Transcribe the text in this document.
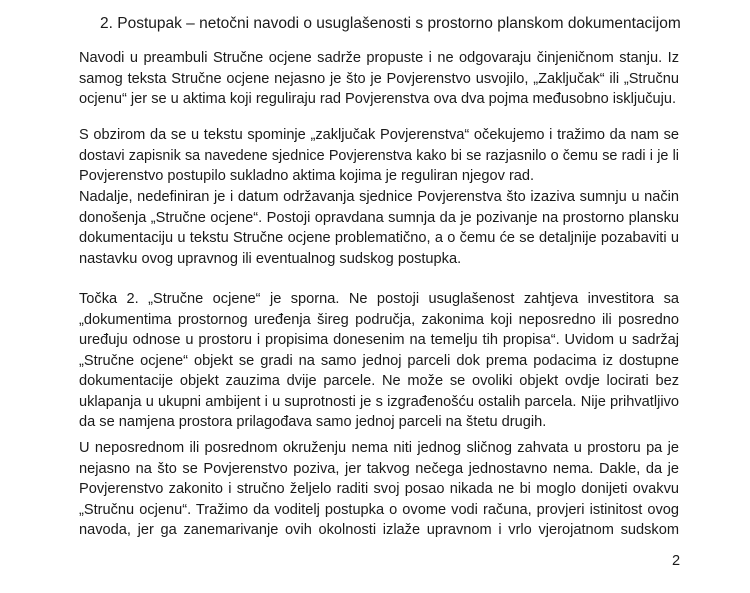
2. Postupak – netočni navodi o usuglašenosti s prostorno planskom dokumentacijom
Navodi u preambuli Stručne ocjene sadrže propuste i ne odgovaraju činjeničnom stanju. Iz
samog teksta Stručne ocjene nejasno je što je Povjerenstvo usvojilo, „Zaključak“ ili „Stručnu
ocjenu“ jer se u aktima koji reguliraju rad Povjerenstva ova dva pojma međusobno isključuju.
S obzirom da se u tekstu spominje „zaključak Povjerenstva“ očekujemo i tražimo da nam se
dostavi zapisnik sa navedene sjednice Povjerenstva kako bi se razjasnilo o čemu se radi i je li
Povjerenstvo postupilo sukladno aktima kojima je reguliran njegov rad.
Nadalje, nedefiniran je i datum održavanja sjednice Povjerenstva što izaziva sumnju u način
donošenja „Stručne ocjene“. Postoji opravdana sumnja da je pozivanje na prostorno plansku
dokumentaciju u tekstu Stručne ocjene problematično, a o čemu će se detaljnije pozabaviti u
nastavku ovog upravnog ili eventualnog sudskog postupka.
Točka 2. „Stručne ocjene“ je sporna. Ne postoji usuglašenost zahtjeva investitora sa
„dokumentima prostornog uređenja šireg područja, zakonima koji neposredno ili posredno
uređuju odnose u prostoru i propisima donesenim na temelju tih propisa“. Uvidom u sadržaj
„Stručne ocjene“ objekt se gradi na samo jednoj parceli dok prema podacima iz dostupne
dokumentacije objekt zauzima dvije parcele. Ne može se ovoliki objekt ovdje locirati bez
uklapanja u ukupni ambijent i u suprotnosti je s izgrađenošću ostalih parcela. Nije prihvatljivo
da se namjena prostora prilagođava samo jednoj parceli na štetu drugih.
U neposrednom ili posrednom okruženju nema niti jednog sličnog zahvata u prostoru pa je
nejasno na što se Povjerenstvo poziva, jer takvog nečega jednostavno nema. Dakle, da je
Povjerenstvo zakonito i stručno željelo raditi svoj posao nikada ne bi moglo donijeti ovakvu
„Stručnu ocjenu“. Tražimo da voditelj postupka o ovome vodi računa, provjeri istinitost ovog
navoda, jer ga zanemarivanje ovih okolnosti izlaže upravnom i vrlo vjerojatnom sudskom
2
